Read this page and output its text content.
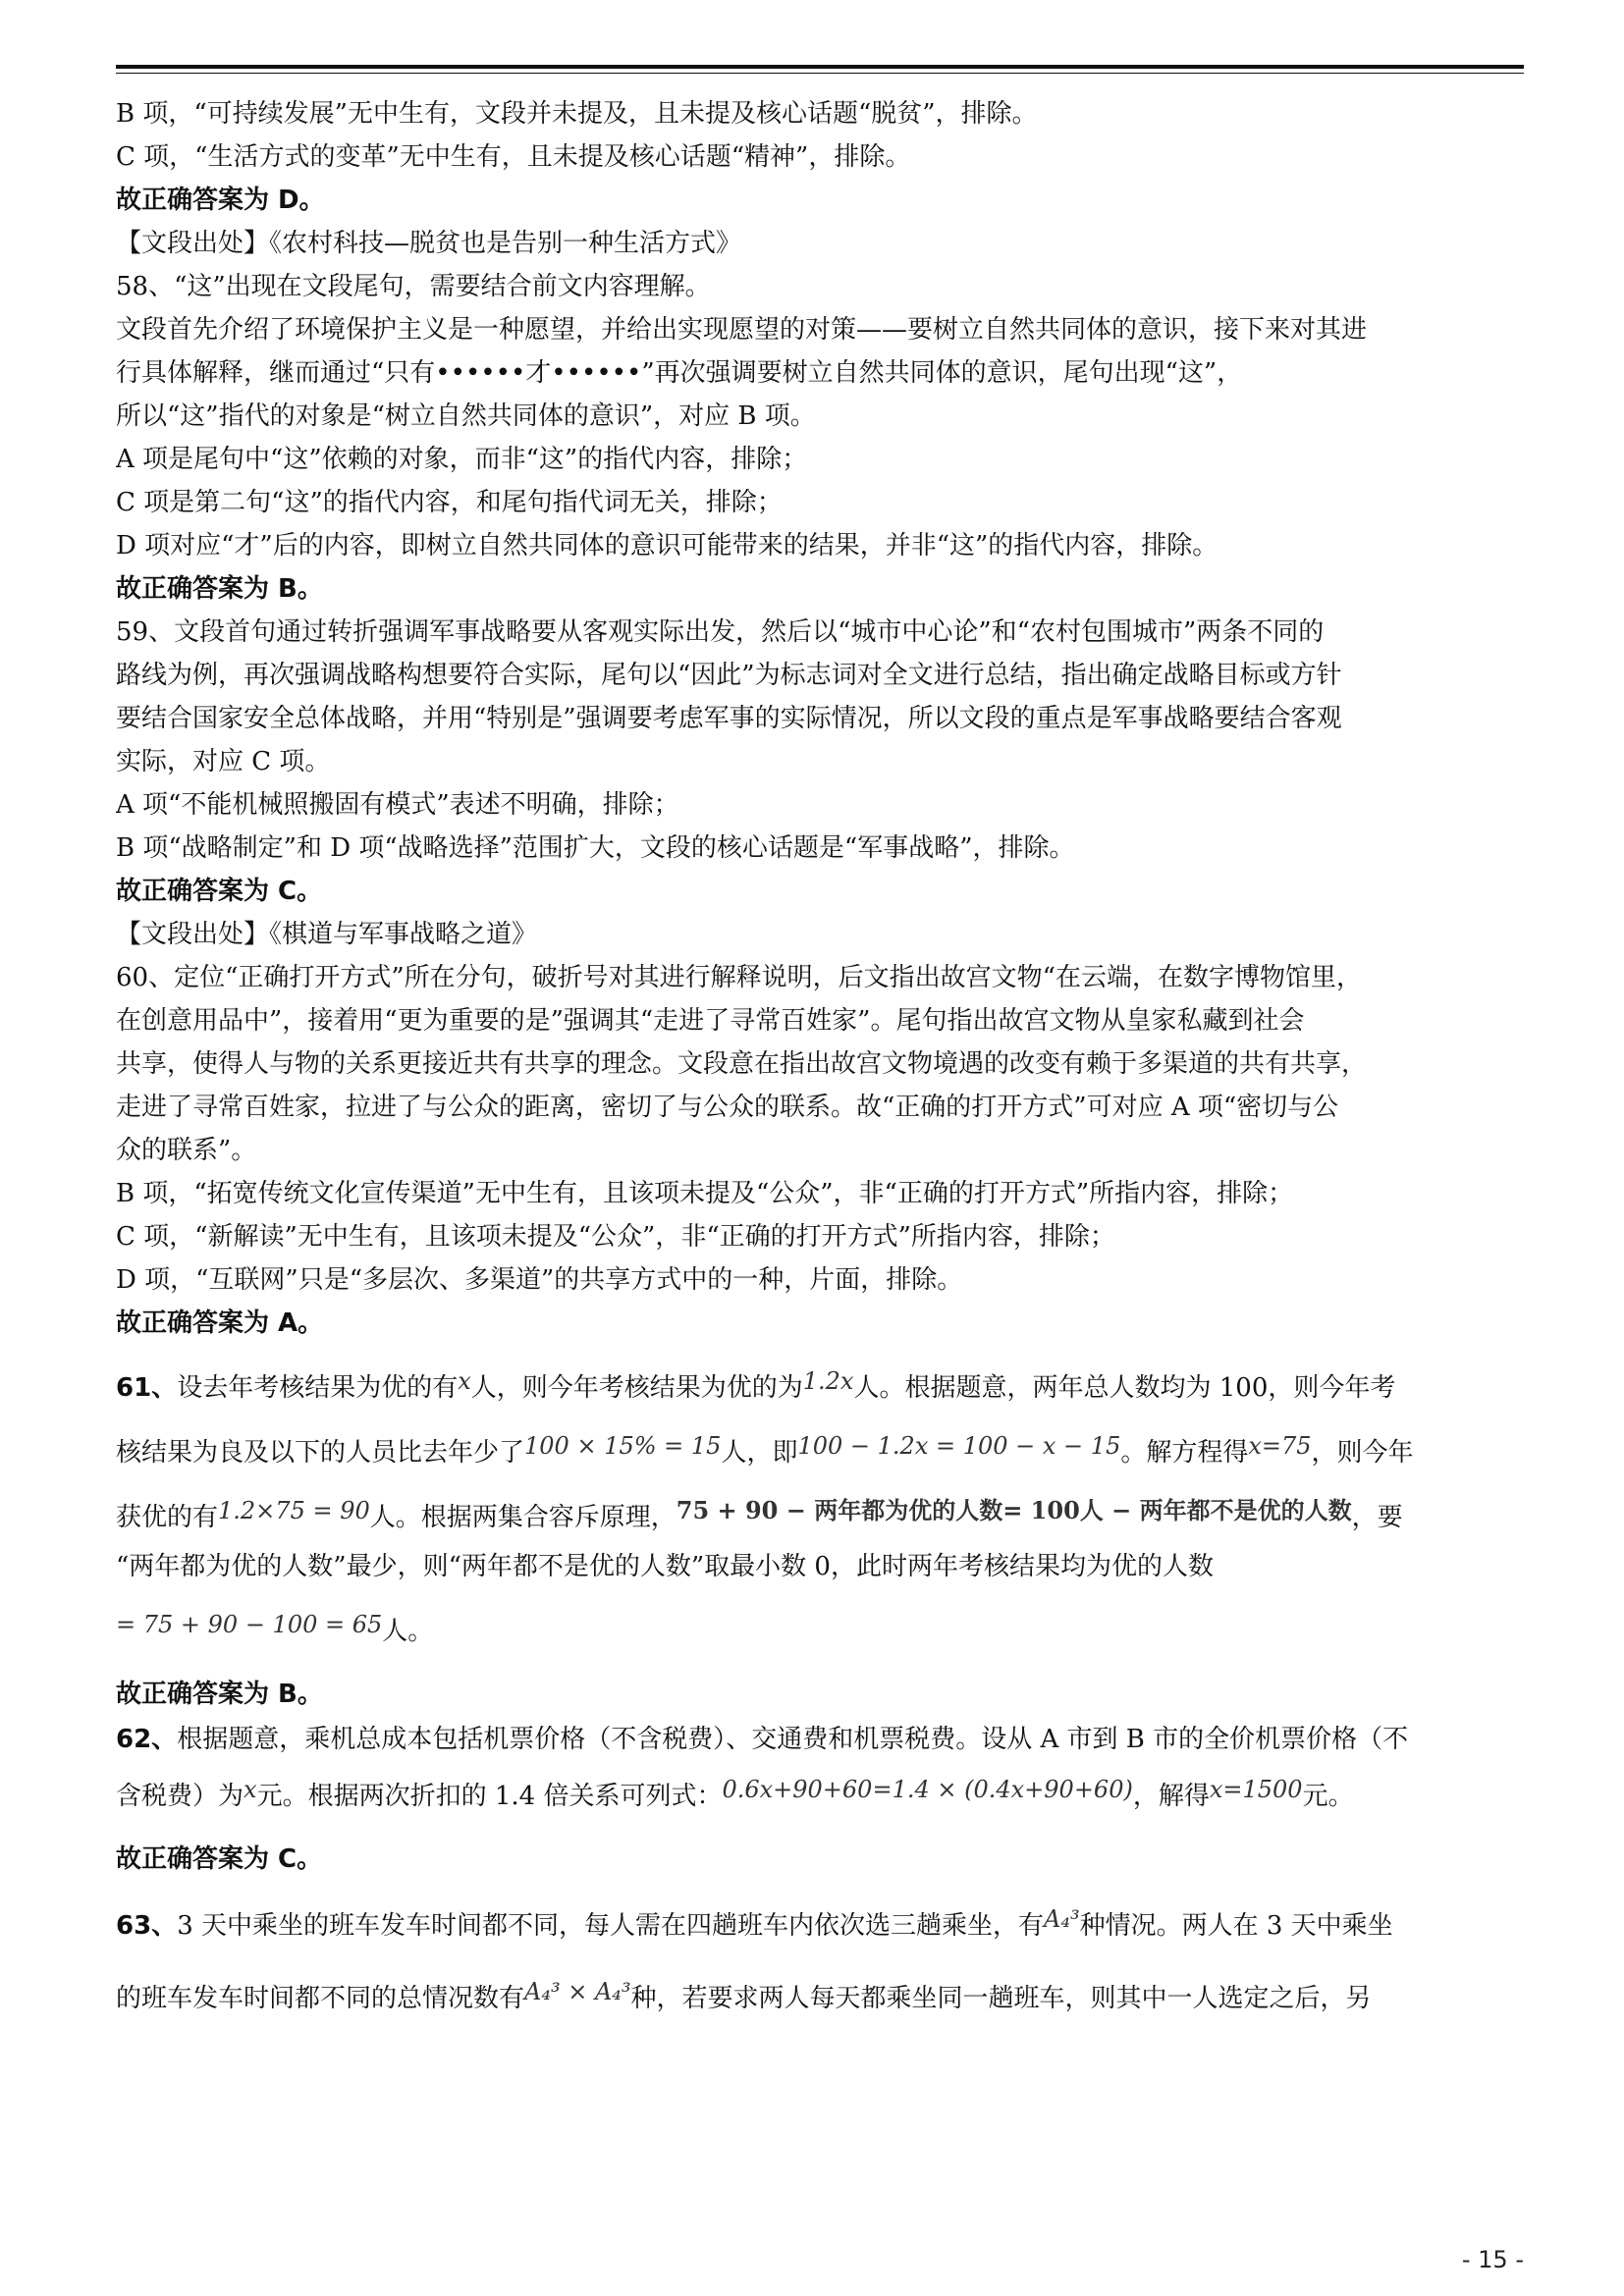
B 项，“可持续发展”无中生有，文段并未提及，且未提及核心话题“脱贫”，排除。
C 项，“生活方式的变革”无中生有，且未提及核心话题“精神”，排除。
故正确答案为 D。
【文段出处】《农村科技—脱贫也是告别一种生活方式》
58、“这”出现在文段尾句，需要结合前文内容理解。
文段首先介绍了环境保护主义是一种愿望，并给出实现愿望的对策——要树立自然共同体的意识，接下来对其进
行具体解释，继而通过“只有••••••才••••••”再次强调要树立自然共同体的意识，尾句出现“这”，
所以“这”指代的对象是“树立自然共同体的意识”，对应 B 项。
A 项是尾句中“这”依赖的对象，而非“这”的指代内容，排除；
C 项是第二句“这”的指代内容，和尾句指代词无关，排除；
D 项对应“才”后的内容，即树立自然共同体的意识可能带来的结果，并非“这”的指代内容，排除。
故正确答案为 B。
59、文段首句通过转折强调军事战略要从客观实际出发，然后以“城市中心论”和“农村包围城市”两条不同的
路线为例，再次强调战略构想要符合实际，尾句以“因此”为标志词对全文进行总结，指出确定战略目标或方针
要结合国家安全总体战略，并用“特别是”强调要考虑军事的实际情况，所以文段的重点是军事战略要结合客观
实际，对应 C 项。
A 项“不能机械照搬固有模式”表述不明确，排除；
B 项“战略制定”和 D 项“战略选择”范围扩大，文段的核心话题是“军事战略”，排除。
故正确答案为 C。
【文段出处】《棋道与军事战略之道》
60、定位“正确打开方式”所在分句，破折号对其进行解释说明，后文指出故宫文物“在云端，在数字博物馆里，
在创意用品中”，接着用“更为重要的是”强调其“走进了寻常百姓家”。尾句指出故宫文物从皇家私藏到社会
共享，使得人与物的关系更接近共有共享的理念。文段意在指出故宫文物境遇的改变有赖于多渠道的共有共享，
走进了寻常百姓家，拉进了与公众的距离，密切了与公众的联系。故“正确的打开方式”可对应 A 项“密切与公
众的联系”。
B 项，“拓宽传统文化宣传渠道”无中生有，且该项未提及“公众”，非“正确的打开方式”所指内容，排除；
C 项，“新解读”无中生有，且该项未提及“公众”，非“正确的打开方式”所指内容，排除；
D 项，“互联网”只是“多层次、多渠道”的共享方式中的一种，片面，排除。
故正确答案为 A。
61、设去年考核结果为优的有x人，则今年考核结果为优的为1.2x人。根据题意，两年总人数均为 100，则今年考
核结果为良及以下的人员比去年少了100 × 15% = 15人，即100 − 1.2x = 100 − x − 15。解方程得x=75，则今年
获优的有1.2×75 = 90人。根据两集合容斥原理，75 + 90 − 两年都为优的人数= 100人 − 两年都不是优的人数，要
“两年都为优的人数”最少，则“两年都不是优的人数”取最小数 0，此时两年考核结果均为优的人数
= 75 + 90 − 100 = 65人。
故正确答案为 B。
62、根据题意，乘机总成本包括机票价格（不含税费）、交通费和机票税费。设从 A 市到 B 市的全价机票价格（不
含税费）为x元。根据两次折扣的 1.4 倍关系可列式：0.6x+90+60=1.4 × (0.4x+90+60)，解得x=1500元。
故正确答案为 C。
63、3 天中乘坐的班车发车时间都不同，每人需在四趟班车内依次选三趟乘坐，有A₄³种情况。两人在 3 天中乘坐
的班车发车时间都不同的总情况数有A₄³ × A₄³种，若要求两人每天都乘坐同一趟班车，则其中一人选定之后，另
- 15 -
